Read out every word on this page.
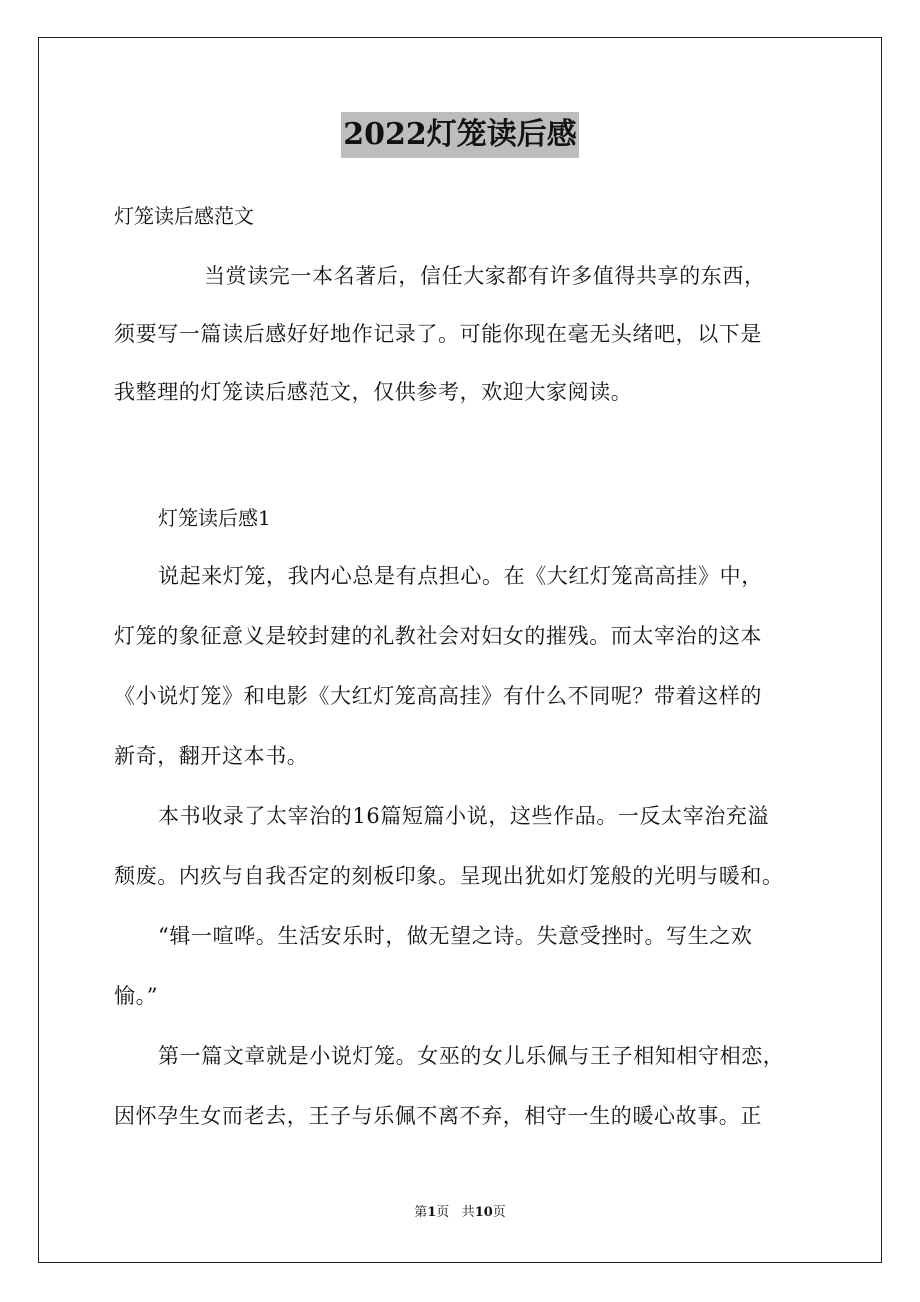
2022灯笼读后感
灯笼读后感范文
当赏读完一本名著后，信任大家都有许多值得共享的东西，
须要写一篇读后感好好地作记录了。可能你现在毫无头绪吧，以下是
我整理的灯笼读后感范文，仅供参考，欢迎大家阅读。
灯笼读后感1
说起来灯笼，我内心总是有点担心。在《大红灯笼高高挂》中，
灯笼的象征意义是较封建的礼教社会对妇女的摧残。而太宰治的这本
《小说灯笼》和电影《大红灯笼高高挂》有什么不同呢？带着这样的
新奇，翻开这本书。
本书收录了太宰治的16篇短篇小说，这些作品。一反太宰治充溢
颓废。内疚与自我否定的刻板印象。呈现出犹如灯笼般的光明与暖和。
“辑一喧哗。生活安乐时，做无望之诗。失意受挫时。写生之欢
愉。”
第一篇文章就是小说灯笼。女巫的女儿乐佩与王子相知相守相恋，
因怀孕生女而老去，王子与乐佩不离不弃，相守一生的暖心故事。正
第1页 共10页
